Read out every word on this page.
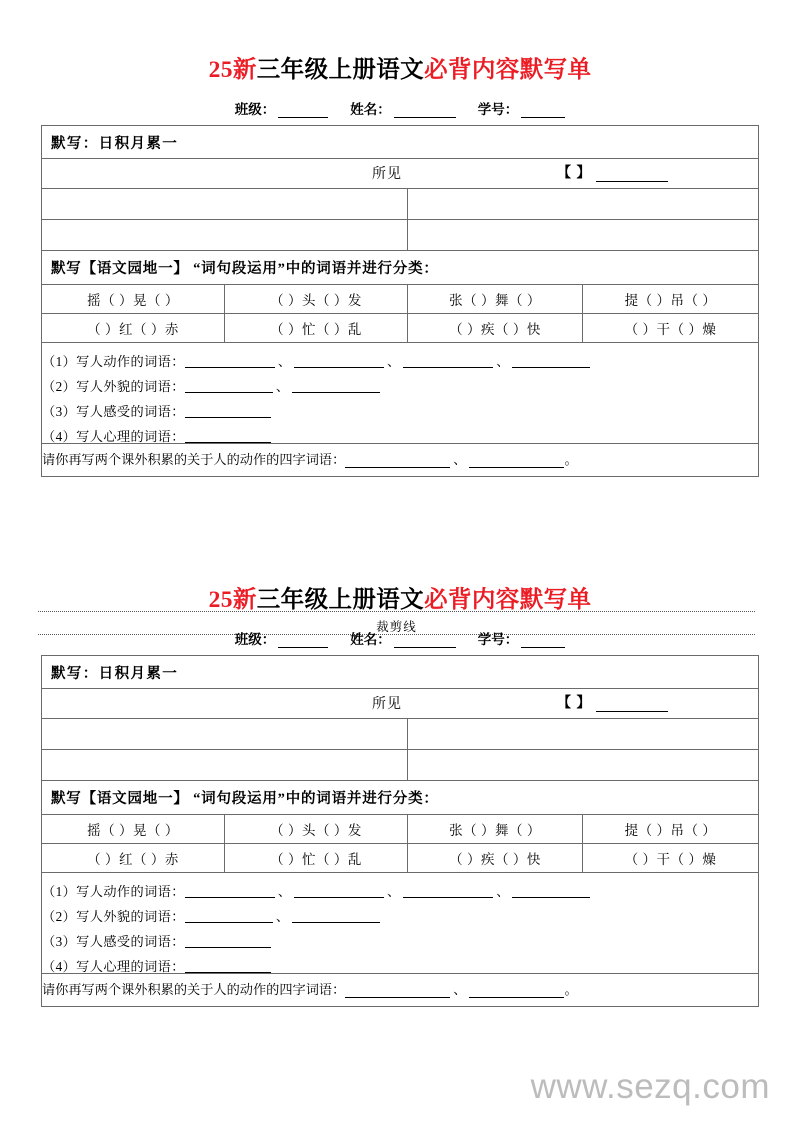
25新三年级上册语文必背内容默写单
班级：	姓名：	学号：
默写：日积月累一			

所见 【 】			

默写【语文园地一】 “词句段运用”中的词语并进行分类：			

摇（ ）晃（ ）	（ ）头（ ）发	张（ ）舞（ ）	提（ ）吊（ ）
（ ）红（ ）赤	（ ）忙（ ）乱	（ ）疾（ ）快	（ ）干（ ）燥

（1）写人动作的词语：	、	、	、
（2）写人外貌的词语：	、
（3）写人感受的词语：
（4）写人心理的词语：

请你再写两个课外积累的关于人的动作的四字词语： 、 。			
裁剪线
25新三年级上册语文必背内容默写单
班级：	姓名：	学号：
默写：日积月累一			

所见 【 】			

默写【语文园地一】 “词句段运用”中的词语并进行分类：			

摇（ ）晃（ ）	（ ）头（ ）发	张（ ）舞（ ）	提（ ）吊（ ）
（ ）红（ ）赤	（ ）忙（ ）乱	（ ）疾（ ）快	（ ）干（ ）燥

（1）写人动作的词语：	、	、	、
（2）写人外貌的词语：	、
（3）写人感受的词语：
（4）写人心理的词语：

请你再写两个课外积累的关于人的动作的四字词语： 、 。			
www.sezq.com
